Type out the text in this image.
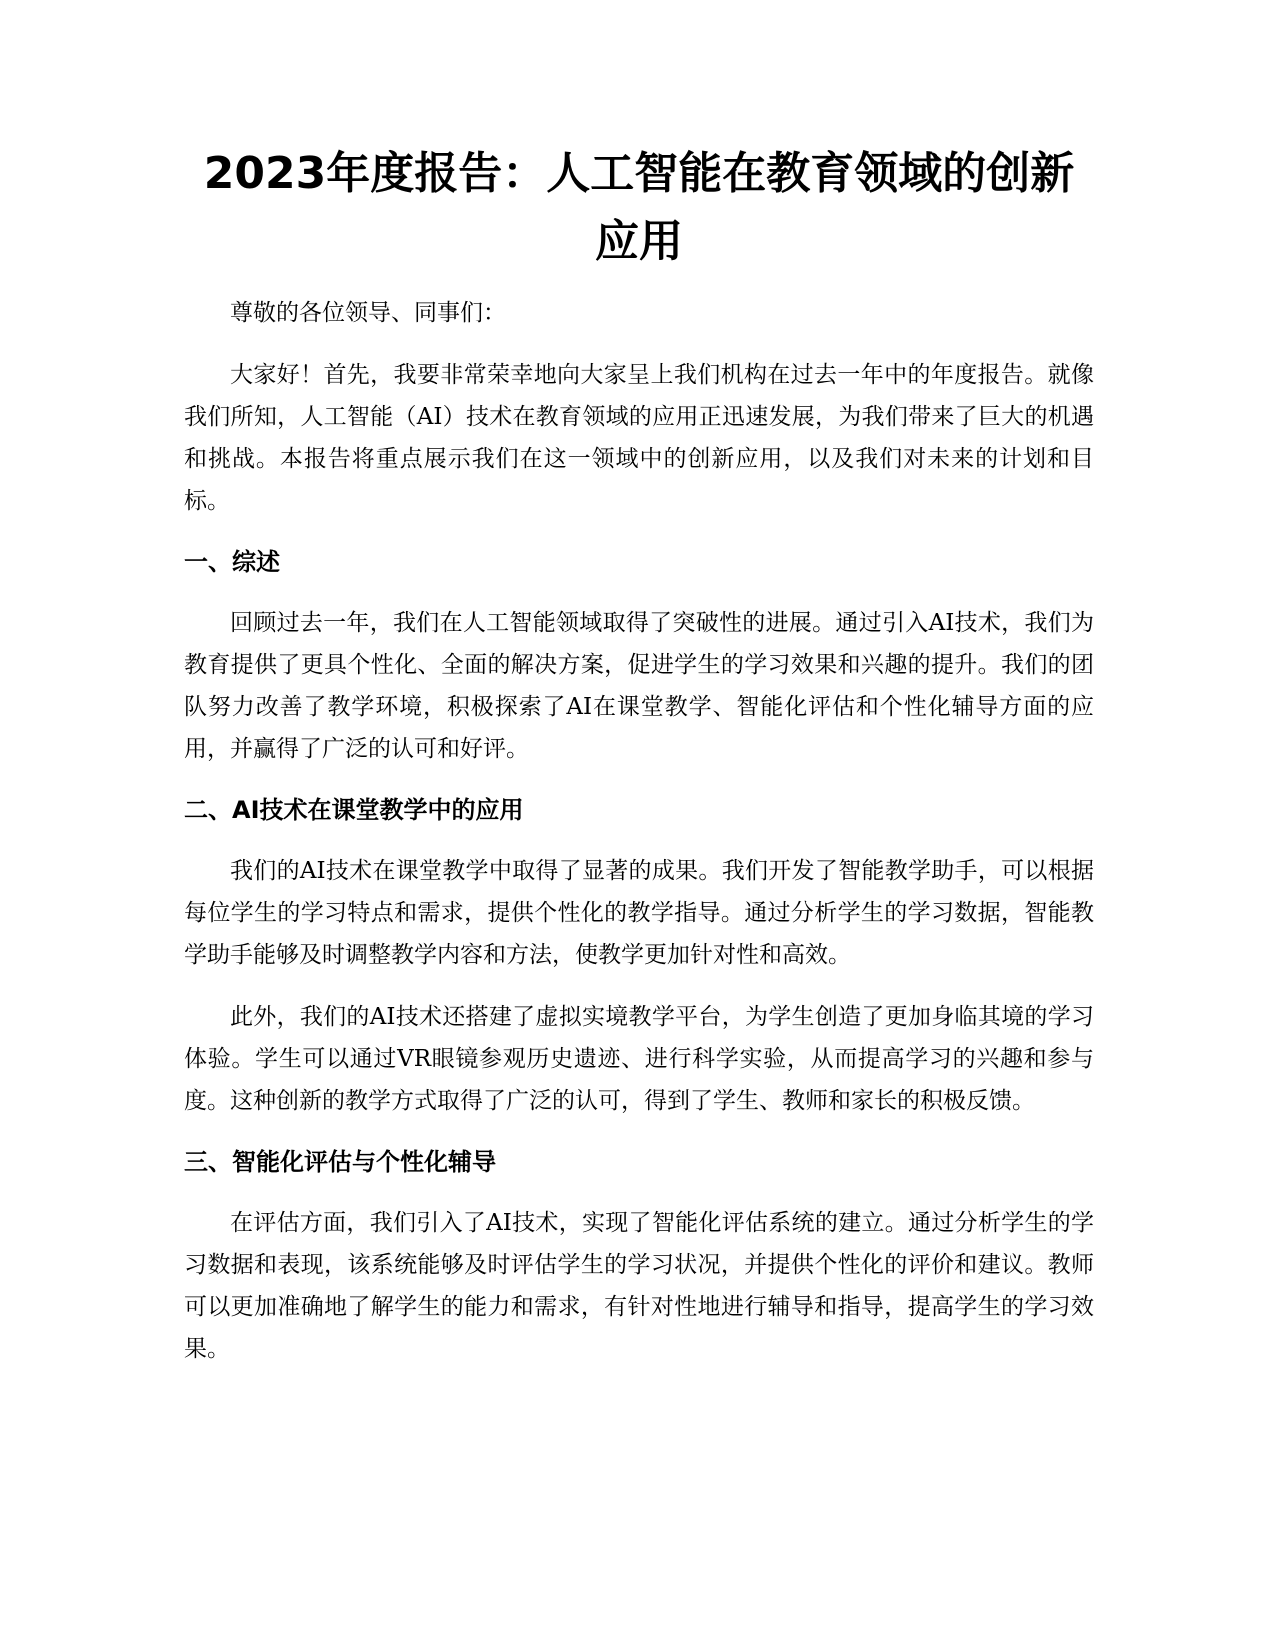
2023年度报告：人工智能在教育领域的创新应用

尊敬的各位领导、同事们：

大家好！首先，我要非常荣幸地向大家呈上我们机构在过去一年中的年度报告。就像我们所知，人工智能（AI）技术在教育领域的应用正迅速发展，为我们带来了巨大的机遇和挑战。本报告将重点展示我们在这一领域中的创新应用，以及我们对未来的计划和目标。

一、综述

回顾过去一年，我们在人工智能领域取得了突破性的进展。通过引入AI技术，我们为教育提供了更具个性化、全面的解决方案，促进学生的学习效果和兴趣的提升。我们的团队努力改善了教学环境，积极探索了AI在课堂教学、智能化评估和个性化辅导方面的应用，并赢得了广泛的认可和好评。

二、AI技术在课堂教学中的应用

我们的AI技术在课堂教学中取得了显著的成果。我们开发了智能教学助手，可以根据每位学生的学习特点和需求，提供个性化的教学指导。通过分析学生的学习数据，智能教学助手能够及时调整教学内容和方法，使教学更加针对性和高效。

此外，我们的AI技术还搭建了虚拟实境教学平台，为学生创造了更加身临其境的学习体验。学生可以通过VR眼镜参观历史遗迹、进行科学实验，从而提高学习的兴趣和参与度。这种创新的教学方式取得了广泛的认可，得到了学生、教师和家长的积极反馈。

三、智能化评估与个性化辅导

在评估方面，我们引入了AI技术，实现了智能化评估系统的建立。通过分析学生的学习数据和表现，该系统能够及时评估学生的学习状况，并提供个性化的评价和建议。教师可以更加准确地了解学生的能力和需求，有针对性地进行辅导和指导，提高学生的学习效果。
